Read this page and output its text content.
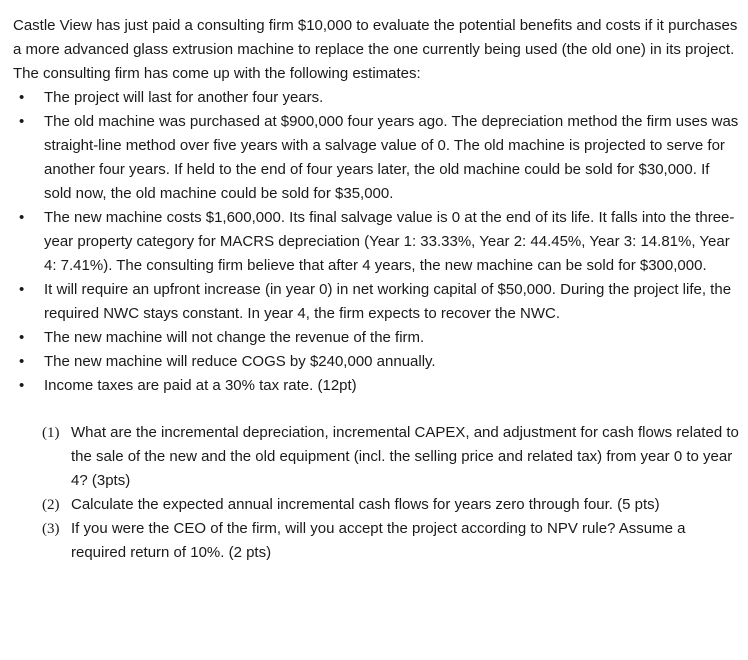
Castle View has just paid a consulting firm $10,000 to evaluate the potential benefits and costs if it purchases a more advanced glass extrusion machine to replace the one currently being used (the old one) in its project. The consulting firm has come up with the following estimates:

• The project will last for another four years.
• The old machine was purchased at $900,000 four years ago. The depreciation method the firm uses was straight-line method over five years with a salvage value of 0. The old machine is projected to serve for another four years. If held to the end of four years later, the old machine could be sold for $30,000. If sold now, the old machine could be sold for $35,000.
• The new machine costs $1,600,000. Its final salvage value is 0 at the end of its life. It falls into the three-year property category for MACRS depreciation (Year 1: 33.33%, Year 2: 44.45%, Year 3: 14.81%, Year 4: 7.41%). The consulting firm believe that after 4 years, the new machine can be sold for $300,000.
• It will require an upfront increase (in year 0) in net working capital of $50,000. During the project life, the required NWC stays constant. In year 4, the firm expects to recover the NWC.
• The new machine will not change the revenue of the firm.
• The new machine will reduce COGS by $240,000 annually.
• Income taxes are paid at a 30% tax rate. (12pt)
(1) What are the incremental depreciation, incremental CAPEX, and adjustment for cash flows related to the sale of the new and the old equipment (incl. the selling price and related tax) from year 0 to year 4? (3pts)
(2) Calculate the expected annual incremental cash flows for years zero through four. (5 pts)
(3) If you were the CEO of the firm, will you accept the project according to NPV rule? Assume a required return of 10%. (2 pts)
